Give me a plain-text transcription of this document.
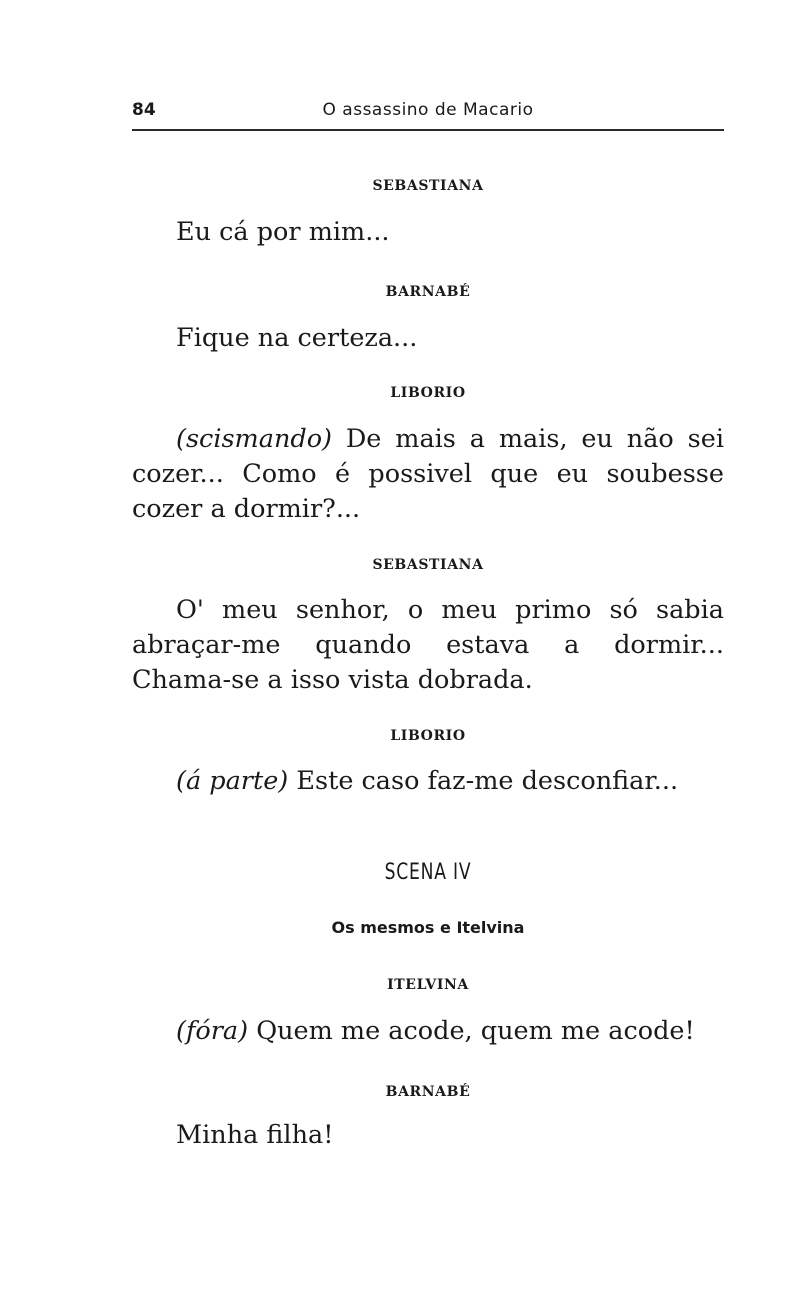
84	O assassino de Macario
SEBASTIANA

Eu cá por mim...

BARNABÉ

Fique na certeza...

LIBORIO

(scismando) De mais a mais, eu não sei cozer... Como é possivel que eu soubesse cozer a dormir?...

SEBASTIANA

O' meu senhor, o meu primo só sabia abraçar-me quando estava a dormir... Chama-se a isso vista dobrada.

LIBORIO

(á parte) Este caso faz-me desconfiar...

SCENA IV
Os mesmos e Itelvina
ITELVINA

(fóra) Quem me acode, quem me acode!

BARNABÉ

Minha filha!
